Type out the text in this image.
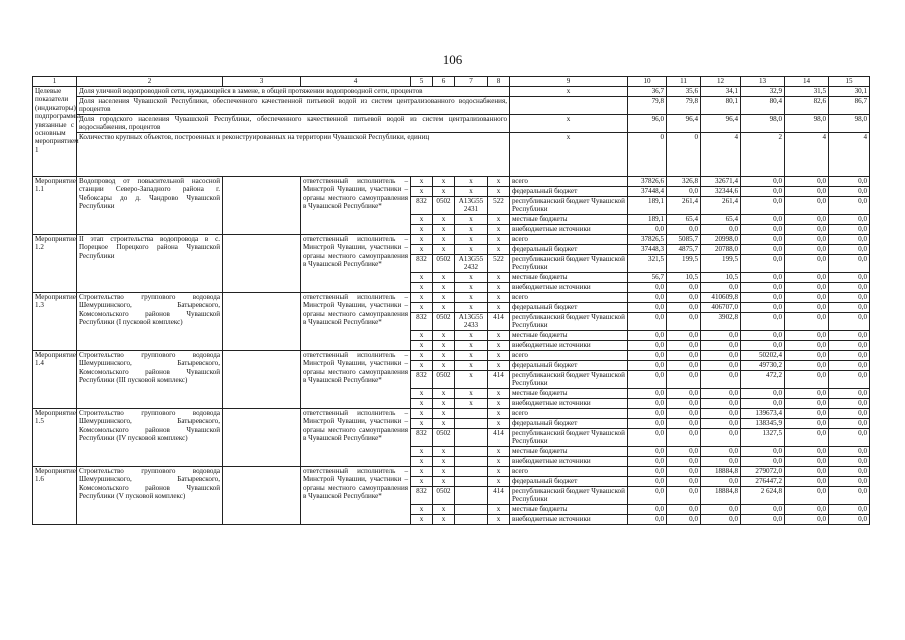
106
1	2	3	4	5	6	7	8	9	10	11	12	13	14	15
Целевые показатели (индикаторы) подпрограммы, увязанные с основным мероприятием 1	Доля уличной водопроводной сети, нуждающейся в замене, в общей протяжении водопроводной сети, процентов							x	36,7	35,6	34,1	32,9	31,5	30,1
	Доля населения Чувашской Республики, обеспеченного качественной питьевой водой из систем централизованного водоснабжения, процентов								79,8	79,8	80,1	80,4	82,6	86,7
	Доля городского населения Чувашской Республики, обеспеченного качественной питьевой водой из систем централизованного водоснабжения, процентов							x	96,0	96,4	96,4	98,0	98,0	98,0
	Количество крупных объектов, построенных и реконструированных на территории Чувашской Республики, единиц							x	0	0	4	2	4	4
Мероприятие 1.1	Водопровод от повысительной насосной станции Северо-Западного района г. Чебоксары до д. Чандрово Чувашской Республики		ответственный исполнитель – Минстрой Чувашии, участники – органы местного самоуправления в Чувашской Республике*	x	x	x	x	всего	37826,6	326,8	32671,4	0,0	0,0	0,0
				x	x	x	x	федеральный бюджет	37448,4	0,0	32344,6	0,0	0,0	0,0
				832	0502	A13G55 2431	522	республиканский бюджет Чувашской Республики	189,1	261,4	261,4	0,0	0,0	0,0
				x	x	x	x	местные бюджеты	189,1	65,4	65,4	0,0	0,0	0,0
				x	x	x	x	внебюджетные источники	0,0	0,0	0,0	0,0	0,0	0,0
Мероприятие 1.2	II этап строительства водопровода в с. Порецкое Порецкого района Чувашской Республики		ответственный исполнитель – Минстрой Чувашии, участники – органы местного самоуправления в Чувашской Республике*	x	x	x	x	всего	37826,5	5085,7	20998,0	0,0	0,0	0,0
				x	x	x	x	федеральный бюджет	37448,3	4875,7	20788,0	0,0	0,0	0,0
				832	0502	A13G55 2432	522	республиканский бюджет Чувашской Республики	321,5	199,5	199,5	0,0	0,0	0,0
				x	x	x	x	местные бюджеты	56,7	10,5	10,5	0,0	0,0	0,0
				x	x	x	x	внебюджетные источники	0,0	0,0	0,0	0,0	0,0	0,0
Мероприятие 1.3	Строительство группового водовода Шемуршинского, Батыревского, Комсомольского районов Чувашской Республики (I пусковой комплекс)		ответственный исполнитель – Минстрой Чувашии, участники – органы местного самоуправления в Чувашской Республике*	x	x	x	x	всего	0,0	0,0	410609,8	0,0	0,0	0,0
				x	x	x	x	федеральный бюджет	0,0	0,0	406707,0	0,0	0,0	0,0
				832	0502	A13G55 2433	414	республиканский бюджет Чувашской Республики	0,0	0,0	3902,8	0,0	0,0	0,0
				x	x	x	x	местные бюджеты	0,0	0,0	0,0	0,0	0,0	0,0
				x	x	x	x	внебюджетные источники	0,0	0,0	0,0	0,0	0,0	0,0
Мероприятие 1.4	Строительство группового водовода Шемуршинского, Батыревского, Комсомольского районов Чувашской Республики (III пусковой комплекс)		ответственный исполнитель – Минстрой Чувашии, участники – органы местного самоуправления в Чувашской Республике*	x	x	x	x	всего	0,0	0,0	0,0	50202,4	0,0	0,0
				x	x	x	x	федеральный бюджет	0,0	0,0	0,0	49730,2	0,0	0,0
				832	0502	x	414	республиканский бюджет Чувашской Республики	0,0	0,0	0,0	472,2	0,0	0,0
				x	x	x	x	местные бюджеты	0,0	0,0	0,0	0,0	0,0	0,0
				x	x	x	x	внебюджетные источники	0,0	0,0	0,0	0,0	0,0	0,0
Мероприятие 1.5	Строительство группового водовода Шемуршинского, Батыревского, Комсомольского районов Чувашской Республики (IV пусковой комплекс)		ответственный исполнитель – Минстрой Чувашии, участники – органы местного самоуправления в Чувашской Республике*	x	x		x	всего	0,0	0,0	0,0	139673,4	0,0	0,0
				x	x		x	федеральный бюджет	0,0	0,0	0,0	138345,9	0,0	0,0
				832	0502		414	республиканский бюджет Чувашской Республики	0,0	0,0	0,0	1327,5	0,0	0,0
				x	x		x	местные бюджеты	0,0	0,0	0,0	0,0	0,0	0,0
				x	x		x	внебюджетные источники	0,0	0,0	0,0	0,0	0,0	0,0
Мероприятие 1.6	Строительство группового водовода Шемуршинского, Батыревского, Комсомольского районов Чувашской Республики (V пусковой комплекс)		ответственный исполнитель – Минстрой Чувашии, участники – органы местного самоуправления в Чувашской Республике*	x	x		x	всего	0,0	0,0	18884,8	279072,0	0,0	0,0
				x	x		x	федеральный бюджет	0,0	0,0	0,0	276447,2	0,0	0,0
				832	0502		414	республиканский бюджет Чувашской Республики	0,0	0,0	18884,8	2 624,8	0,0	0,0
				x	x		x	местные бюджеты	0,0	0,0	0,0	0,0	0,0	0,0
				x	x		x	внебюджетные источники	0,0	0,0	0,0	0,0	0,0	0,0
